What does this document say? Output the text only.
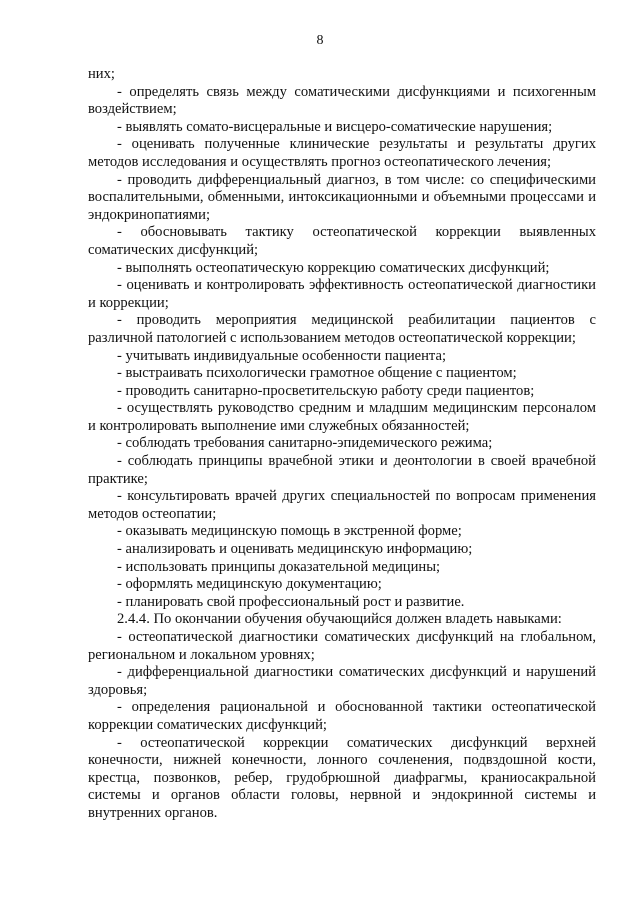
8

них;

- определять связь между соматическими дисфункциями и психогенным воздействием;

- выявлять сомато-висцеральные и висцеро-соматические нарушения;

- оценивать полученные клинические результаты и результаты других методов исследования и осуществлять прогноз остеопатического лечения;

- проводить дифференциальный диагноз, в том числе: со специфическими воспалительными, обменными, интоксикационными и объемными процессами и эндокринопатиями;

- обосновывать тактику остеопатической коррекции выявленных соматических дисфункций;

- выполнять остеопатическую коррекцию соматических дисфункций;

- оценивать и контролировать эффективность остеопатической диагностики и коррекции;

- проводить мероприятия медицинской реабилитации пациентов с различной патологией с использованием методов остеопатической коррекции;

- учитывать индивидуальные особенности пациента;

- выстраивать психологически грамотное общение с пациентом;

- проводить санитарно-просветительскую работу среди пациентов;

- осуществлять руководство средним и младшим медицинским персоналом и контролировать выполнение ими служебных обязанностей;

- соблюдать требования санитарно-эпидемического режима;

- соблюдать принципы врачебной этики и деонтологии в своей врачебной практике;

- консультировать врачей других специальностей по вопросам применения методов остеопатии;

- оказывать медицинскую помощь в экстренной форме;

- анализировать и оценивать медицинскую информацию;

- использовать принципы доказательной медицины;

- оформлять медицинскую документацию;

- планировать свой профессиональный рост и развитие.

2.4.4. По окончании обучения обучающийся должен владеть навыками:

- остеопатической диагностики соматических дисфункций на глобальном, региональном и локальном уровнях;

- дифференциальной диагностики соматических дисфункций и нарушений здоровья;

- определения рациональной и обоснованной тактики остеопатической коррекции соматических дисфункций;

- остеопатической коррекции соматических дисфункций верхней конечности, нижней конечности, лонного сочленения, подвздошной кости, крестца, позвонков, ребер, грудобрюшной диафрагмы, краниосакральной системы и органов области головы, нервной и эндокринной системы и внутренних органов.
